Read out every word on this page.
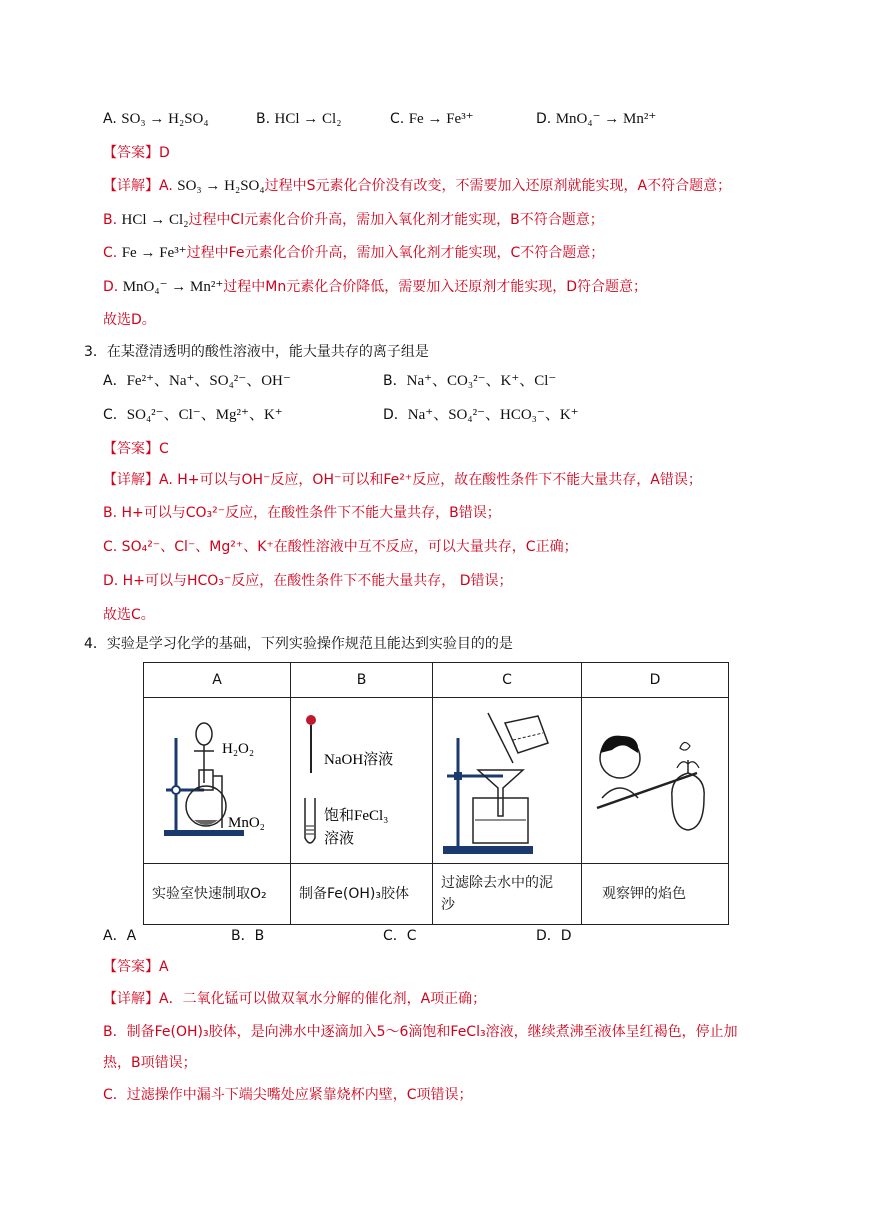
A. SO₃ → H₂SO₄	B. HCl → Cl₂	C. Fe → Fe³⁺	D. MnO₄⁻ → Mn²⁺
【答案】D
【详解】A. SO₃ → H₂SO₄过程中S元素化合价没有改变，不需要加入还原剂就能实现，A不符合题意；
B. HCl → Cl₂过程中Cl元素化合价升高，需加入氧化剂才能实现，B不符合题意；
C. Fe → Fe³⁺过程中Fe元素化合价升高，需加入氧化剂才能实现，C不符合题意；
D. MnO₄⁻ → Mn²⁺过程中Mn元素化合价降低，需要加入还原剂才能实现，D符合题意；
故选D。
3．在某澄清透明的酸性溶液中，能大量共存的离子组是
A．Fe²⁺、Na⁺、SO₄²⁻、OH⁻	B．Na⁺、CO₃²⁻、K⁺、Cl⁻
C．SO₄²⁻、Cl⁻、Mg²⁺、K⁺	D．Na⁺、SO₄²⁻、HCO₃⁻、K⁺
【答案】C
【详解】A. H+可以与OH⁻反应，OH⁻可以和Fe²⁺反应，故在酸性条件下不能大量共存，A错误；
B. H+可以与CO₃²⁻反应，在酸性条件下不能大量共存，B错误；
C. SO₄²⁻、Cl⁻、Mg²⁺、K⁺在酸性溶液中互不反应，可以大量共存，C正确；
D. H+可以与HCO₃⁻反应，在酸性条件下不能大量共存， D错误；
故选C。
4．实验是学习化学的基础，下列实验操作规范且能达到实验目的的是
A	B	C	D

H₂O₂
MnO₂	NaOH溶液
饱和FeCl₃
溶液

实验室快速制取O₂	制备Fe(OH)₃胶体	过滤除去水中的泥沙	观察钾的焰色
A．A	B．B	C．C	D．D
【答案】A
【详解】A．二氧化锰可以做双氧水分解的催化剂，A项正确；
B．制备Fe(OH)₃胶体，是向沸水中逐滴加入5～6滴饱和FeCl₃溶液，继续煮沸至液体呈红褐色，停止加
热，B项错误；
C．过滤操作中漏斗下端尖嘴处应紧靠烧杯内壁，C项错误；
